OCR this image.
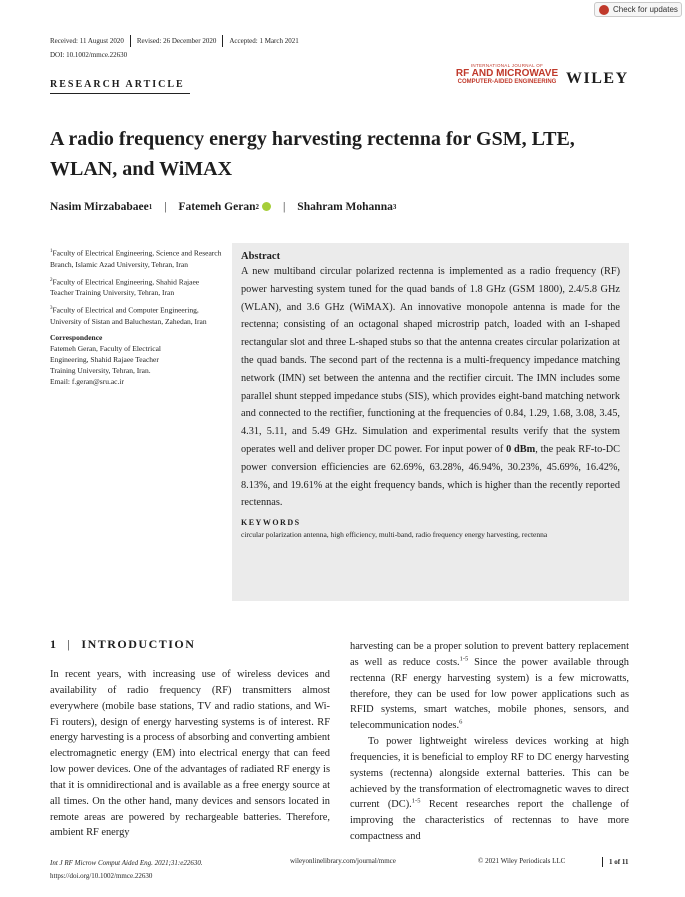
Check for updates
Received: 11 August 2020 Revised: 26 December 2020 Accepted: 1 March 2021
DOI: 10.1002/mmce.22630
RESEARCH ARTICLE
INTERNATIONAL JOURNAL OF
RF AND MICROWAVE
COMPUTER-AIDED ENGINEERING WILEY
A radio frequency energy harvesting rectenna for GSM, LTE, WLAN, and WiMAX
Nasim Mirzababaee 1 | Fatemeh Geran 2 | Shahram Mohanna 3
$^1$Faculty of Electrical Engineering, Science and Research Branch, Islamic Azad University, Tehran, Iran
$^2$Faculty of Electrical Engineering, Shahid Rajaee Teacher Training University, Tehran, Iran
$^3$Faculty of Electrical and Computer Engineering, University of Sistan and Baluchestan, Zahedan, Iran
Correspondence
Fatemeh Geran, Faculty of Electrical
Engineering, Shahid Rajaee Teacher
Training University, Tehran, Iran.
Email: f.geran@sru.ac.ir
Abstract
A new multiband circular polarized rectenna is implemented as a radio frequency (RF) power harvesting system tuned for the quad bands of 1.8 GHz (GSM 1800), 2.4/5.8 GHz (WLAN), and 3.6 GHz (WiMAX). An innovative monopole antenna is made for the rectenna; consisting of an octagonal shaped microstrip patch, loaded with an I-shaped rectangular slot and three L-shaped stubs so that the antenna creates circular polarization at the quad bands. The second part of the rectenna is a multi-frequency impedance matching network (IMN) set between the antenna and the rectifier circuit. The IMN includes some parallel shunt stepped impedance stubs (SIS), which provides eight-band matching network and connected to the rectifier, functioning at the frequencies of 0.84, 1.29, 1.68, 3.08, 3.45, 4.31, 5.11, and 5.49 GHz. Simulation and experimental results verify that the system operates well and deliver proper DC power. For input power of 0 dBm, the peak RF-to-DC power conversion efficiencies are 62.69%, 63.28%, 46.94%, 30.23%, 45.69%, 16.42%, 8.13%, and 19.61% at the eight frequency bands, which is higher than the recently reported rectennas.
KEYWORDS
circular polarization antenna, high efficiency, multi-band, radio frequency energy harvesting, rectenna
1 | INTRODUCTION

In recent years, with increasing use of wireless devices and availability of radio frequency (RF) transmitters almost everywhere (mobile base stations, TV and radio stations, and Wi-Fi routers), design of energy harvesting systems is of interest. RF energy harvesting is a process of absorbing and converting ambient electromagnetic energy (EM) into electrical energy that can feed low power devices. One of the advantages of radiated RF energy is that it is omnidirectional and is available as a free energy source at all times. On the other hand, many devices and sensors located in remote areas are powered by rechargeable batteries. Therefore, ambient RF energy

harvesting can be a proper solution to prevent battery replacement as well as reduce costs.$^{1-5}$ Since the power available through rectenna (RF energy harvesting system) is a few microwatts, therefore, they can be used for low power applications such as RFID systems, smart watches, mobile phones, sensors, and telecommunication nodes.$^6$

To power lightweight wireless devices working at high frequencies, it is beneficial to employ RF to DC energy harvesting systems (rectenna) alongside external batteries. This can be achieved by the transformation of electromagnetic waves to direct current (DC).$^{1-5}$ Recent researches report the challenge of improving the characteristics of rectennas to have more compactness and

Int J RF Microw Comput Aided Eng. 2021;31:e22630.
https://doi.org/10.1002/mmce.22630
wileyonlinelibrary.com/journal/mmce	© 2021 Wiley Periodicals LLC	1 of 11
